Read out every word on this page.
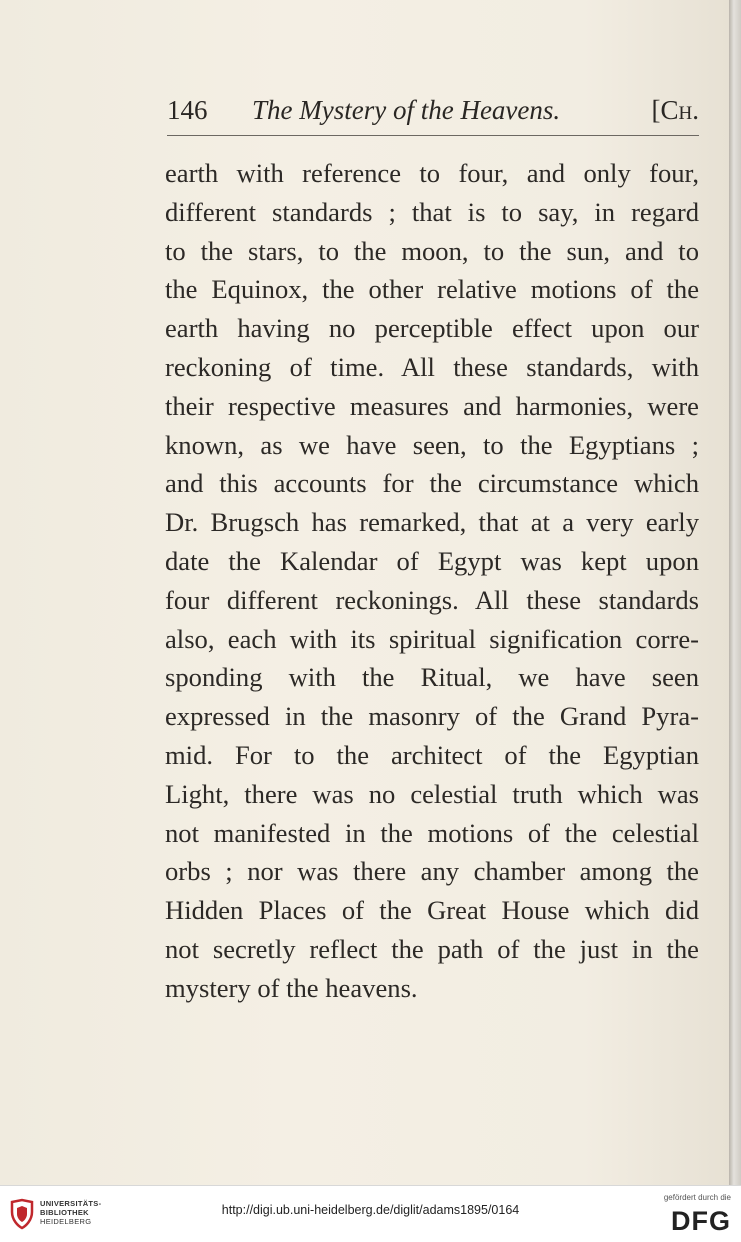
146 The Mystery of the Heavens.	[Ch.
earth with reference to four, and only four,
different standards ; that is to say, in regard
to the stars, to the moon, to the sun, and to
the Equinox, the other relative motions of the
earth having no perceptible effect upon our
reckoning of time. All these standards, with
their respective measures and harmonies, were
known, as we have seen, to the Egyptians ;
and this accounts for the circumstance which
Dr. Brugsch has remarked, that at a very early
date the Kalendar of Egypt was kept upon
four different reckonings. All these standards
also, each with its spiritual signification corre-
sponding with the Ritual, we have seen
expressed in the masonry of the Grand Pyra-
mid. For to the architect of the Egyptian
Light, there was no celestial truth which was
not manifested in the motions of the celestial
orbs ; nor was there any chamber among the
Hidden Places of the Great House which did
not secretly reflect the path of the just in the
mystery of the heavens.
UNIVERSITÄTS-
BIBLIOTHEK
HEIDELBERG
http://digi.ub.uni-heidelberg.de/diglit/adams1895/0164
gefördert durch die
DFG
